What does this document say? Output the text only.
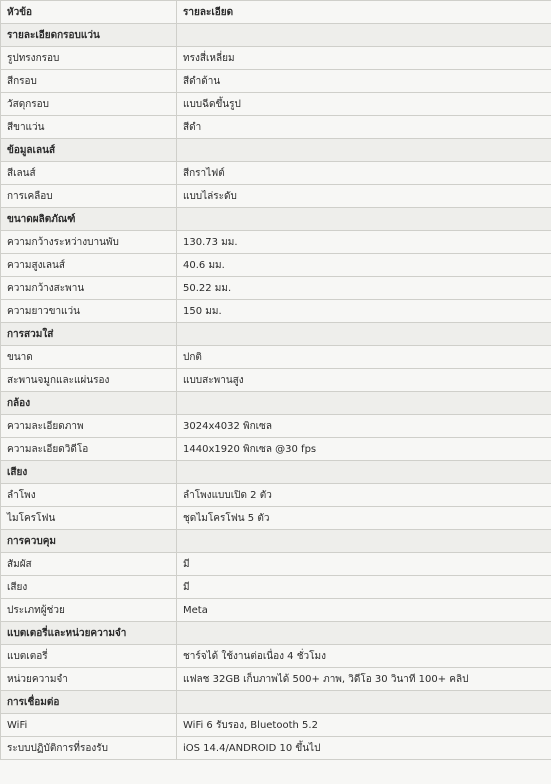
หัวข้อ	รายละเอียด
รายละเอียดกรอบแว่น	
รูปทรงกรอบ	ทรงสี่เหลี่ยม
สีกรอบ	สีดำด้าน
วัสดุกรอบ	แบบฉีดขึ้นรูป
สีขาแว่น	สีดำ
ข้อมูลเลนส์	
สีเลนส์	สีกราไฟต์
การเคลือบ	แบบไล่ระดับ
ขนาดผลิตภัณฑ์	
ความกว้างระหว่างบานพับ	130.73 มม.
ความสูงเลนส์	40.6 มม.
ความกว้างสะพาน	50.22 มม.
ความยาวขาแว่น	150 มม.
การสวมใส่	
ขนาด	ปกติ
สะพานจมูกและแผ่นรอง	แบบสะพานสูง
กล้อง	
ความละเอียดภาพ	3024x4032 พิกเซล
ความละเอียดวิดีโอ	1440x1920 พิกเซล @30 fps
เสียง	
ลำโพง	ลำโพงแบบเปิด 2 ตัว
ไมโครโฟน	ชุดไมโครโฟน 5 ตัว
การควบคุม	
สัมผัส	มี
เสียง	มี
ประเภทผู้ช่วย	Meta
แบตเตอรี่และหน่วยความจำ	
แบตเตอรี่	ชาร์จได้ ใช้งานต่อเนื่อง 4 ชั่วโมง
หน่วยความจำ	แฟลช 32GB เก็บภาพได้ 500+ ภาพ, วิดีโอ 30 วินาที 100+ คลิป
การเชื่อมต่อ	
WiFi	WiFi 6 รับรอง, Bluetooth 5.2
ระบบปฏิบัติการที่รองรับ	iOS 14.4/ANDROID 10 ขึ้นไป
